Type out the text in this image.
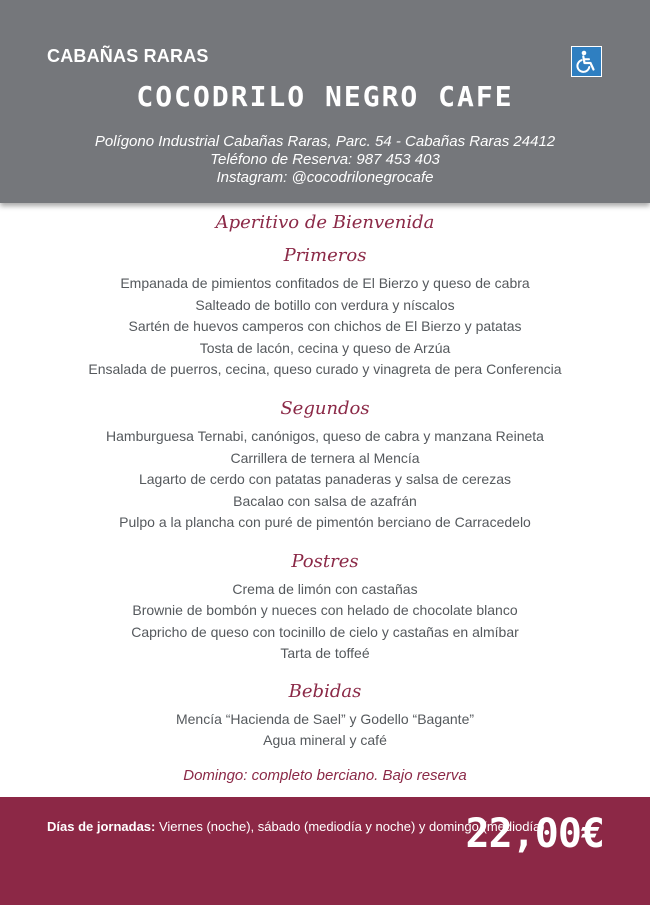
CABAÑAS RARAS
COCODRILO NEGRO CAFE
Polígono Industrial Cabañas Raras, Parc. 54 - Cabañas Raras 24412
Teléfono de Reserva: 987 453 403
Instagram: @cocodrilonegrocafe
Aperitivo de Bienvenida
Primeros
Empanada de pimientos confitados de El Bierzo y queso de cabra
Salteado de botillo con verdura y níscalos
Sartén de huevos camperos con chichos de El Bierzo y patatas
Tosta de lacón, cecina y queso de Arzúa
Ensalada de puerros, cecina, queso curado y vinagreta de pera Conferencia
Segundos
Hamburguesa Ternabi, canónigos, queso de cabra y manzana Reineta
Carrillera de ternera al Mencía
Lagarto de cerdo con patatas panaderas y salsa de cerezas
Bacalao con salsa de azafrán
Pulpo a la plancha con puré de pimentón berciano de Carracedelo
Postres
Crema de limón con castañas
Brownie de bombón y nueces con helado de chocolate blanco
Capricho de queso con tocinillo de cielo y castañas en almíbar
Tarta de toffeé
Bebidas
Mencía “Hacienda de Sael” y Godello “Bagante”
Agua mineral y café
Domingo: completo berciano. Bajo reserva
Días de jornadas: Viernes (noche), sábado (mediodía y noche) y domingo (mediodía)
22,00€
